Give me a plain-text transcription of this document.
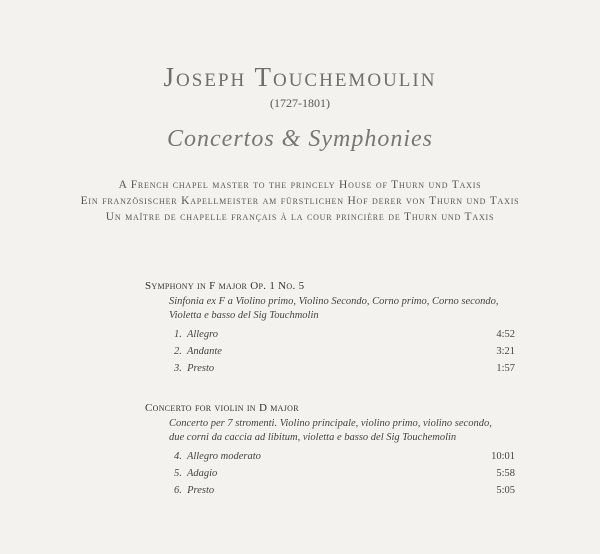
Joseph Touchemoulin
(1727-1801)
Concertos & Symphonies
A French chapel master to the princely House of Thurn und Taxis
Ein französischer Kapellmeister am fürstlichen Hof derer von Thurn und Taxis
Un maître de chapelle français à la cour princière de Thurn und Taxis
Symphony in F major Op. 1 No. 5
Sinfonia ex F a Violino primo, Violino Secondo, Corno primo, Corno secondo,
Violetta e basso del Sig Touchmolin
1. Allegro	4:52
2. Andante	3:21
3. Presto	1:57
Concerto for violin in D major
Concerto per 7 stromenti. Violino principale, violino primo, violino secondo,
due corni da caccia ad libitum, violetta e basso del Sig Touchemolin
4. Allegro moderato	10:01
5. Adagio	5:58
6. Presto	5:05
